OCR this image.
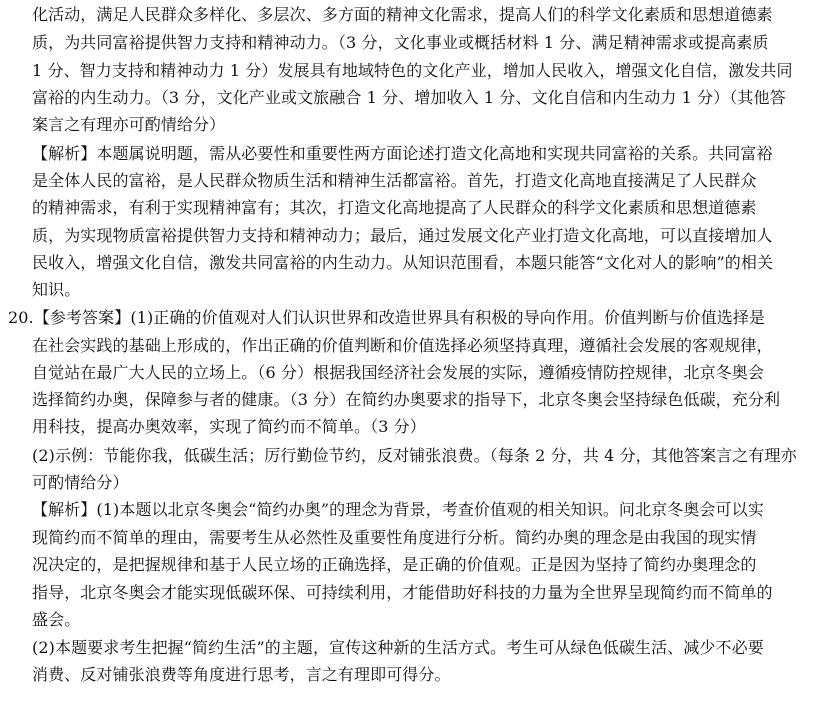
化活动，满足人民群众多样化、多层次、多方面的精神文化需求，提高人们的科学文化素质和思想道德素
质，为共同富裕提供智力支持和精神动力。（3 分，文化事业或概括材料 1 分、满足精神需求或提高素质
1 分、智力支持和精神动力 1 分）发展具有地域特色的文化产业，增加人民收入，增强文化自信，激发共同
富裕的内生动力。（3 分，文化产业或文旅融合 1 分、增加收入 1 分、文化自信和内生动力 1 分）（其他答
案言之有理亦可酌情给分）
【解析】本题属说明题，需从必要性和重要性两方面论述打造文化高地和实现共同富裕的关系。共同富裕
是全体人民的富裕，是人民群众物质生活和精神生活都富裕。首先，打造文化高地直接满足了人民群众
的精神需求，有利于实现精神富有；其次，打造文化高地提高了人民群众的科学文化素质和思想道德素
质，为实现物质富裕提供智力支持和精神动力；最后，通过发展文化产业打造文化高地，可以直接增加人
民收入，增强文化自信，激发共同富裕的内生动力。从知识范围看，本题只能答“文化对人的影响”的相关
知识。
20.【参考答案】(1)正确的价值观对人们认识世界和改造世界具有积极的导向作用。价值判断与价值选择是
在社会实践的基础上形成的，作出正确的价值判断和价值选择必须坚持真理，遵循社会发展的客观规律，
自觉站在最广大人民的立场上。（6 分）根据我国经济社会发展的实际，遵循疫情防控规律，北京冬奥会
选择简约办奥，保障参与者的健康。（3 分）在简约办奥要求的指导下，北京冬奥会坚持绿色低碳，充分利
用科技，提高办奥效率，实现了简约而不简单。（3 分）
(2)示例：节能你我，低碳生活；厉行勤俭节约，反对铺张浪费。（每条 2 分，共 4 分，其他答案言之有理亦
可酌情给分）
【解析】(1)本题以北京冬奥会“简约办奥”的理念为背景，考查价值观的相关知识。问北京冬奥会可以实
现简约而不简单的理由，需要考生从必然性及重要性角度进行分析。简约办奥的理念是由我国的现实情
况决定的，是把握规律和基于人民立场的正确选择，是正确的价值观。正是因为坚持了简约办奥理念的
指导，北京冬奥会才能实现低碳环保、可持续利用，才能借助好科技的力量为全世界呈现简约而不简单的
盛会。
(2)本题要求考生把握“简约生活”的主题，宣传这种新的生活方式。考生可从绿色低碳生活、减少不必要
消费、反对铺张浪费等角度进行思考，言之有理即可得分。
